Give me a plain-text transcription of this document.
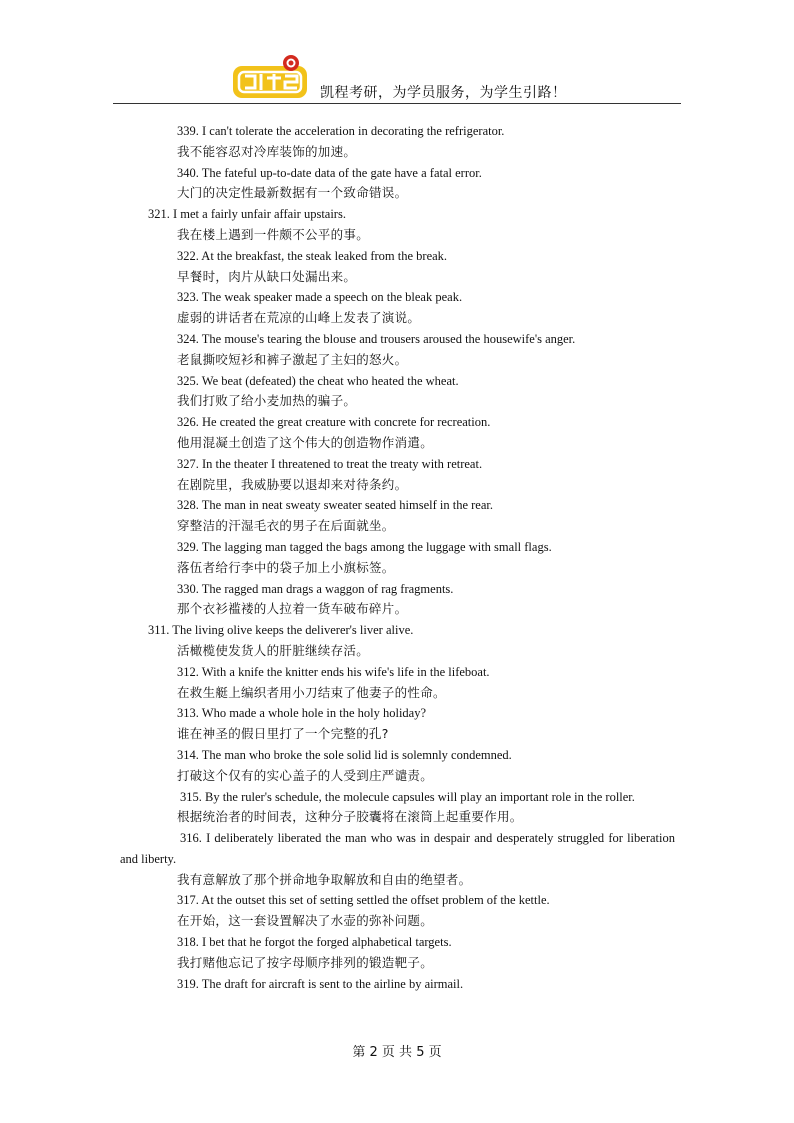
凯程考研，为学员服务，为学生引路！

339. I can't tolerate the acceleration in decorating the refrigerator.

我不能容忍对冷库装饰的加速。

340. The fateful up-to-date data of the gate have a fatal error.

大门的决定性最新数据有一个致命错误。

321. I met a fairly unfair affair upstairs.

我在楼上遇到一件颇不公平的事。

322. At the breakfast, the steak leaked from the break.

早餐时，肉片从缺口处漏出来。

323. The weak speaker made a speech on the bleak peak.

虚弱的讲话者在荒凉的山峰上发表了演说。

324. The mouse's tearing the blouse and trousers aroused the housewife's anger.

老鼠撕咬短衫和裤子激起了主妇的怒火。

325. We beat (defeated) the cheat who heated the wheat.

我们打败了给小麦加热的骗子。

326. He created the great creature with concrete for recreation.

他用混凝土创造了这个伟大的创造物作消遣。

327. In the theater I threatened to treat the treaty with retreat.

在剧院里，我威胁要以退却来对待条约。

328. The man in neat sweaty sweater seated himself in the rear.

穿整洁的汗湿毛衣的男子在后面就坐。

329. The lagging man tagged the bags among the luggage with small flags.

落伍者给行李中的袋子加上小旗标签。

330. The ragged man drags a waggon of rag fragments.

那个衣衫褴褛的人拉着一货车破布碎片。

311. The living olive keeps the deliverer's liver alive.

活橄榄使发货人的肝脏继续存活。

312. With a knife the knitter ends his wife's life in the lifeboat.

在救生艇上编织者用小刀结束了他妻子的性命。

313. Who made a whole hole in the holy holiday?

谁在神圣的假日里打了一个完整的孔?

314. The man who broke the sole solid lid is solemnly condemned.

打破这个仅有的实心盖子的人受到庄严谴责。

315. By the ruler's schedule, the molecule capsules will play an important role in the roller.

根据统治者的时间表，这种分子胶囊将在滚筒上起重要作用。

316. I deliberately liberated the man who was in despair and desperately struggled for liberation and liberty.

我有意解放了那个拼命地争取解放和自由的绝望者。

317. At the outset this set of setting settled the offset problem of the kettle.

在开始，这一套设置解决了水壶的弥补问题。

318. I bet that he forgot the forged alphabetical targets.

我打赌他忘记了按字母顺序排列的锻造靶子。

319. The draft for aircraft is sent to the airline by airmail.

第 2 页 共 5 页
